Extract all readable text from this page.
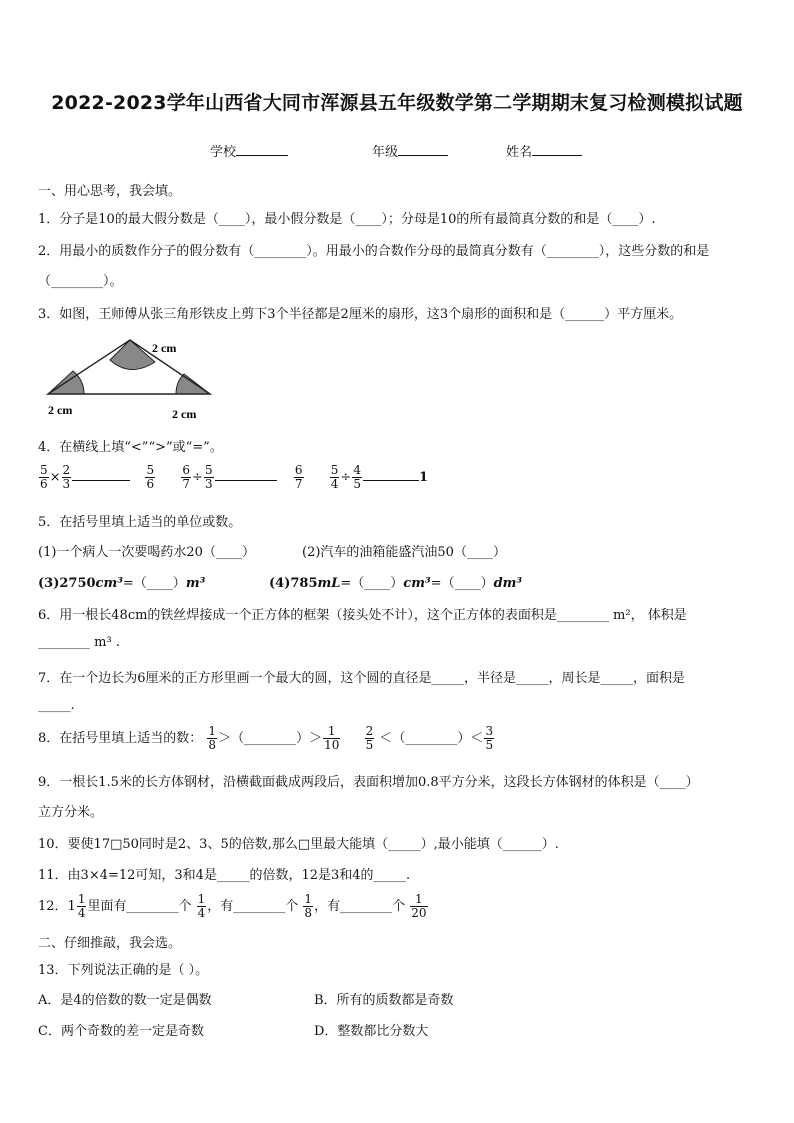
2022-2023学年山西省大同市浑源县五年级数学第二学期期末复习检测模拟试题
学校	年级	姓名
一、用心思考，我会填。
1．分子是10的最大假分数是（____），最小假分数是（____）；分母是10的所有最简真分数的和是（____）.
2．用最小的质数作分子的假分数有（________）。用最小的合数作分母的最简真分数有（________），这些分数的和是
（________）。
3．如图，王师傅从张三角形铁皮上剪下3个半径都是2厘米的扇形，这3个扇形的面积和是（______）平方厘米。
2 cm
2 cm	2 cm
4．在横线上填“<”“>”或“=”。
$\frac{5}{6} \times \frac{2}{3}$
	$\frac{5}{6}$
$\frac{6}{7} \div \frac{5}{3}$
	$\frac{6}{7}$
$\frac{5}{4} \div \frac{4}{5}$	1
5．在括号里填上适当的单位或数。
(1)一个病人一次要喝药水20（____）	(2)汽车的油箱能盛汽油50（____）
(3)2750cm³=（____）m³	(4)785mL=（____）cm³=（____）dm³
6．用一根长48cm的铁丝焊接成一个正方体的框架（接头处不计），这个正方体的表面积是________ m²， 体积是
________ m³ .
7．在一个边长为6厘米的正方形里画一个最大的圆，这个圆的直径是_____，半径是_____，周长是_____，面积是
_____.
8．在括号里填上适当的数： $\frac{1}{8}$ ＞（________）＞ $\frac{1}{10}$
$\frac{2}{5}$ ＜（________）＜ $\frac{3}{5}$
9．一根长1.5米的长方体钢材，沿横截面截成两段后，表面积增加0.8平方分米，这段长方体钢材的体积是（____）
立方分米。
10．要使17□50同时是2、3、5的倍数,那么□里最大能填（_____）,最小能填（______）.
11．由3×4=12可知，3和4是_____的倍数，12是3和4的_____.
12．$1 \frac{1}{4}$ 里面有________个 $\frac{1}{4}$ ，有________个 $\frac{1}{8}$ ，有________个 $\frac{1}{20}$
二、仔细推敲，我会选。
13．下列说法正确的是（ ）。
A．是4的倍数的数一定是偶数	B．所有的质数都是奇数
C．两个奇数的差一定是奇数	D．整数都比分数大
